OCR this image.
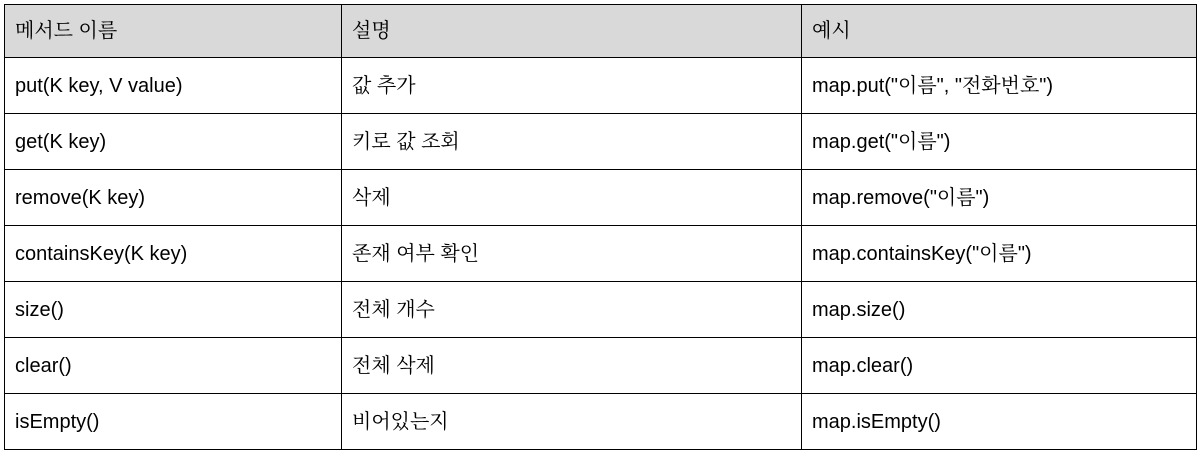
메서드 이름	설명	예시
put(K key, V value)	값 추가	map.put("이름", "전화번호")
get(K key)	키로 값 조회	map.get("이름")
remove(K key)	삭제	map.remove("이름")
containsKey(K key)	존재 여부 확인	map.containsKey("이름")
size()	전체 개수	map.size()
clear()	전체 삭제	map.clear()
isEmpty()	비어있는지	map.isEmpty()
